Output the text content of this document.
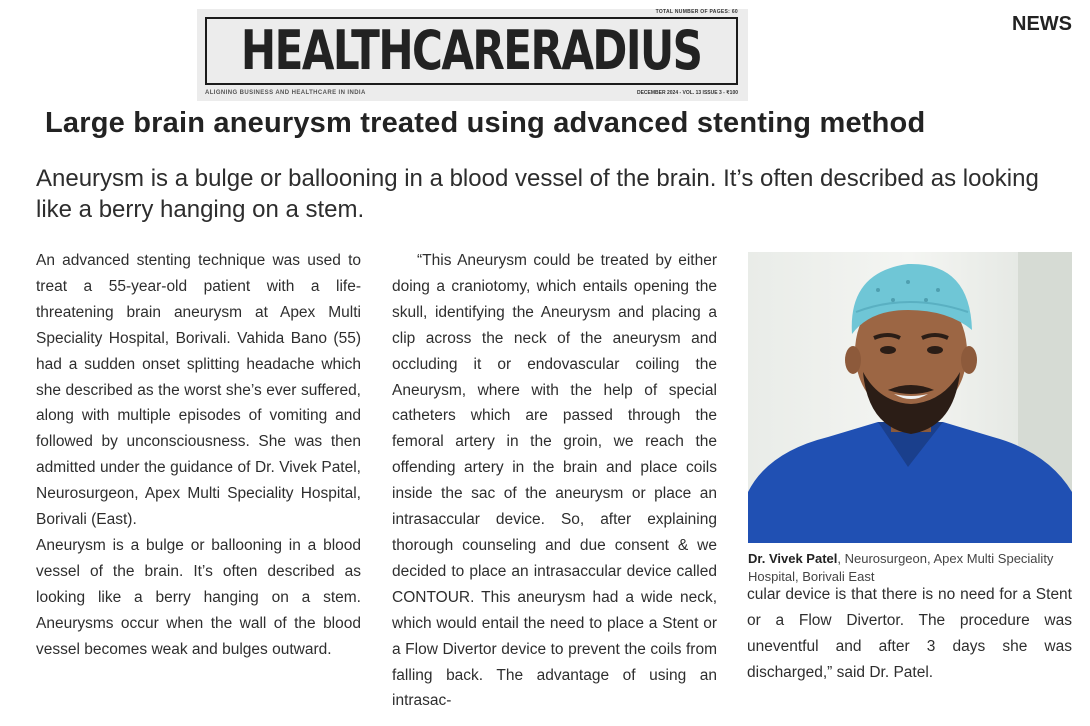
TOTAL NUMBER OF PAGES: 60
HEALTHCARERADIUS
ALIGNING BUSINESS AND HEALTHCARE IN INDIA	DECEMBER 2024 - VOL. 13 ISSUE 3 - ₹100
NEWS
Large brain aneurysm treated using advanced stenting method

Aneurysm is a bulge or ballooning in a blood vessel of the brain. It’s often described as looking like a berry hanging on a stem.

An advanced stenting technique was used to treat a 55-year-old patient with a life-threatening brain aneurysm at Apex Multi Speciality Hospital, Borivali. Vahida Bano (55) had a sudden onset splitting headache which she described as the worst she’s ever suffered, along with multiple episodes of vomiting and followed by unconsciousness. She was then admitted under the guidance of Dr. Vivek Patel, Neurosurgeon, Apex Multi Speciality Hospital, Borivali (East).

Aneurysm is a bulge or ballooning in a blood vessel of the brain. It’s often described as looking like a berry hanging on a stem. Aneurysms occur when the wall of the blood vessel becomes weak and bulges outward.

“This Aneurysm could be treated by either doing a craniotomy, which entails opening the skull, identifying the Aneurysm and placing a clip across the neck of the aneurysm and occluding it or endovascular coiling the Aneurysm, where with the help of special catheters which are passed through the femoral artery in the groin, we reach the offending artery in the brain and place coils inside the sac of the aneurysm or place an intrasaccular device. So, after explaining thorough counseling and due consent & we decided to place an intrasaccular device called CONTOUR. This aneurysm had a wide neck, which would entail the need to place a Stent or a Flow Divertor device to prevent the coils from falling back. The advantage of using an intrasac-

Dr. Vivek Patel, Neurosurgeon, Apex Multi Speciality Hospital, Borivali East

cular device is that there is no need for a Stent or a Flow Divertor. The procedure was uneventful and after 3 days she was discharged,” said Dr. Patel.
